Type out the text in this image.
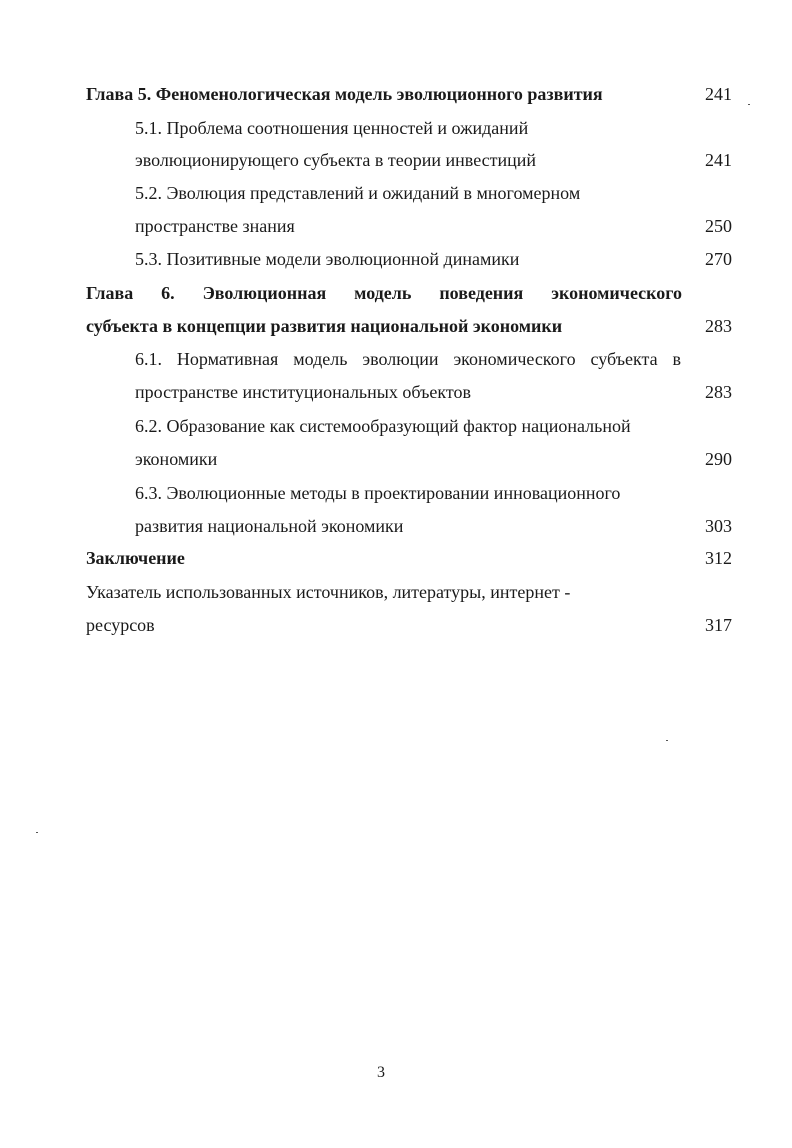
Глава 5. Феноменологическая модель эволюционного развития	241
5.1. Проблема соотношения ценностей и ожиданий
эволюционирующего субъекта в теории инвестиций	241
5.2. Эволюция представлений и ожиданий в многомерном
пространстве знания	250
5.3. Позитивные модели эволюционной динамики	270
Глава 6. Эволюционная модель поведения экономического
субъекта в концепции развития национальной экономики	283
6.1. Нормативная модель эволюции экономического субъекта в
пространстве институциональных объектов	283
6.2. Образование как системообразующий фактор национальной
экономики	290
6.3. Эволюционные методы в проектировании инновационного
развития национальной экономики	303
Заключение	312
Указатель использованных источников, литературы, интернет -
ресурсов	317
3
